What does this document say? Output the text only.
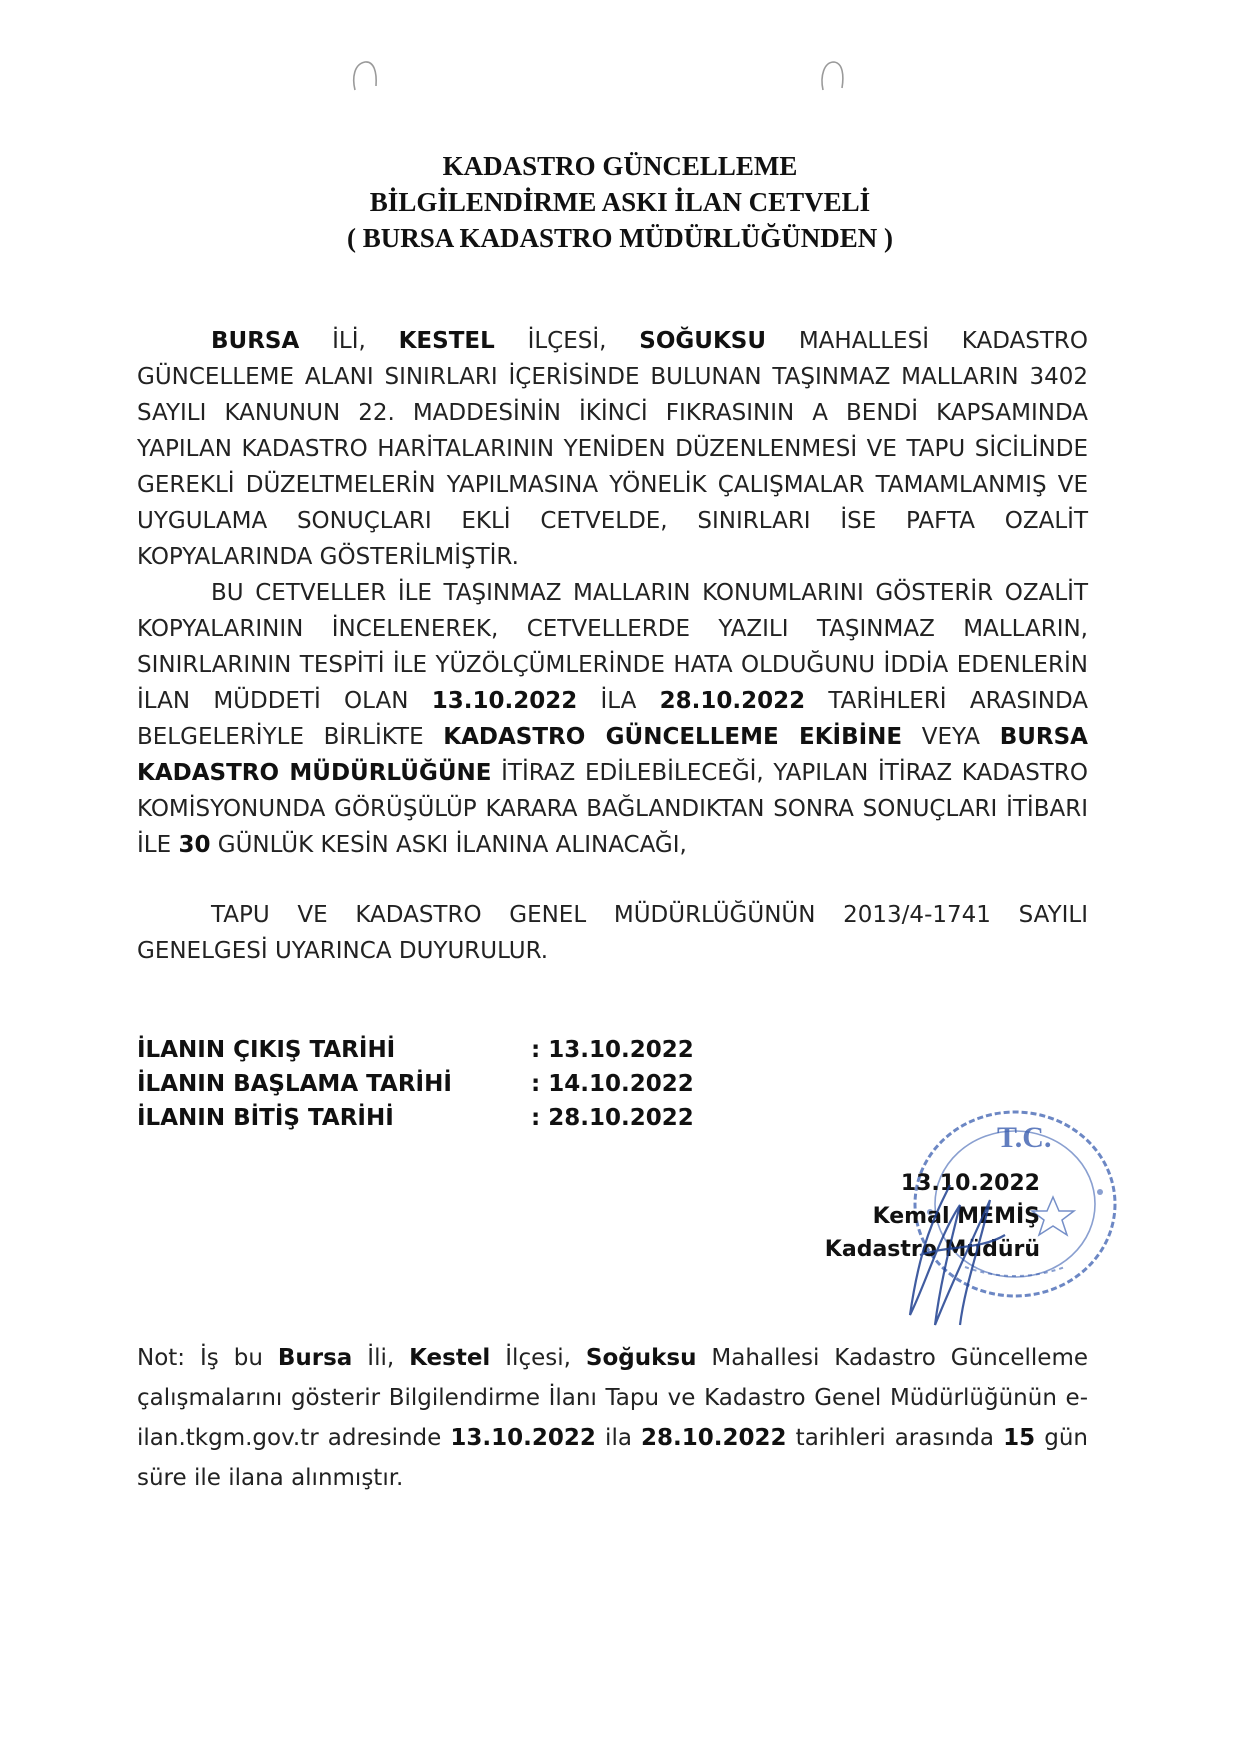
KADASTRO GÜNCELLEME
BİLGİLENDİRME ASKI İLAN CETVELİ
( BURSA KADASTRO MÜDÜRLÜĞÜNDEN )

BURSA İLİ, KESTEL İLÇESİ, SOĞUKSU MAHALLESİ KADASTRO GÜNCELLEME ALANI SINIRLARI İÇERİSİNDE BULUNAN TAŞINMAZ MALLARIN 3402 SAYILI KANUNUN 22. MADDESİNİN İKİNCİ FIKRASININ A BENDİ KAPSAMINDA YAPILAN KADASTRO HARİTALARININ YENİDEN DÜZENLENMESİ VE TAPU SİCİLİNDE GEREKLİ DÜZELTMELERİN YAPILMASINA YÖNELİK ÇALIŞMALAR TAMAMLANMIŞ VE UYGULAMA SONUÇLARI EKLİ CETVELDE, SINIRLARI İSE PAFTA OZALİT KOPYALARINDA GÖSTERİLMİŞTİR.

BU CETVELLER İLE TAŞINMAZ MALLARIN KONUMLARINI GÖSTERİR OZALİT KOPYALARININ İNCELENEREK, CETVELLERDE YAZILI TAŞINMAZ MALLARIN, SINIRLARININ TESPİTİ İLE YÜZÖLÇÜMLERİNDE HATA OLDUĞUNU İDDİA EDENLERİN İLAN MÜDDETİ OLAN 13.10.2022 İLA 28.10.2022 TARİHLERİ ARASINDA BELGELERİYLE BİRLİKTE KADASTRO GÜNCELLEME EKİBİNE VEYA BURSA KADASTRO MÜDÜRLÜĞÜNE İTİRAZ EDİLEBİLECEĞİ, YAPILAN İTİRAZ KADASTRO KOMİSYONUNDA GÖRÜŞÜLÜP KARARA BAĞLANDIKTAN SONRA SONUÇLARI İTİBARI İLE 30 GÜNLÜK KESİN ASKI İLANINA ALINACAĞI,

TAPU VE KADASTRO GENEL MÜDÜRLÜĞÜNÜN 2013/4-1741 SAYILI GENELGESİ UYARINCA DUYURULUR.

İLANIN ÇIKIŞ TARİHİ	: 13.10.2022
İLANIN BAŞLAMA TARİHİ	: 14.10.2022
İLANIN BİTİŞ TARİHİ	: 28.10.2022
T.C.
13.10.2022
Kemal MEMİŞ
Kadastro Müdürü

Not: İş bu Bursa İli, Kestel İlçesi, Soğuksu Mahallesi Kadastro Güncelleme çalışmalarını gösterir Bilgilendirme İlanı Tapu ve Kadastro Genel Müdürlüğünün e-ilan.tkgm.gov.tr adresinde 13.10.2022 ila 28.10.2022 tarihleri arasında 15 gün süre ile ilana alınmıştır.
